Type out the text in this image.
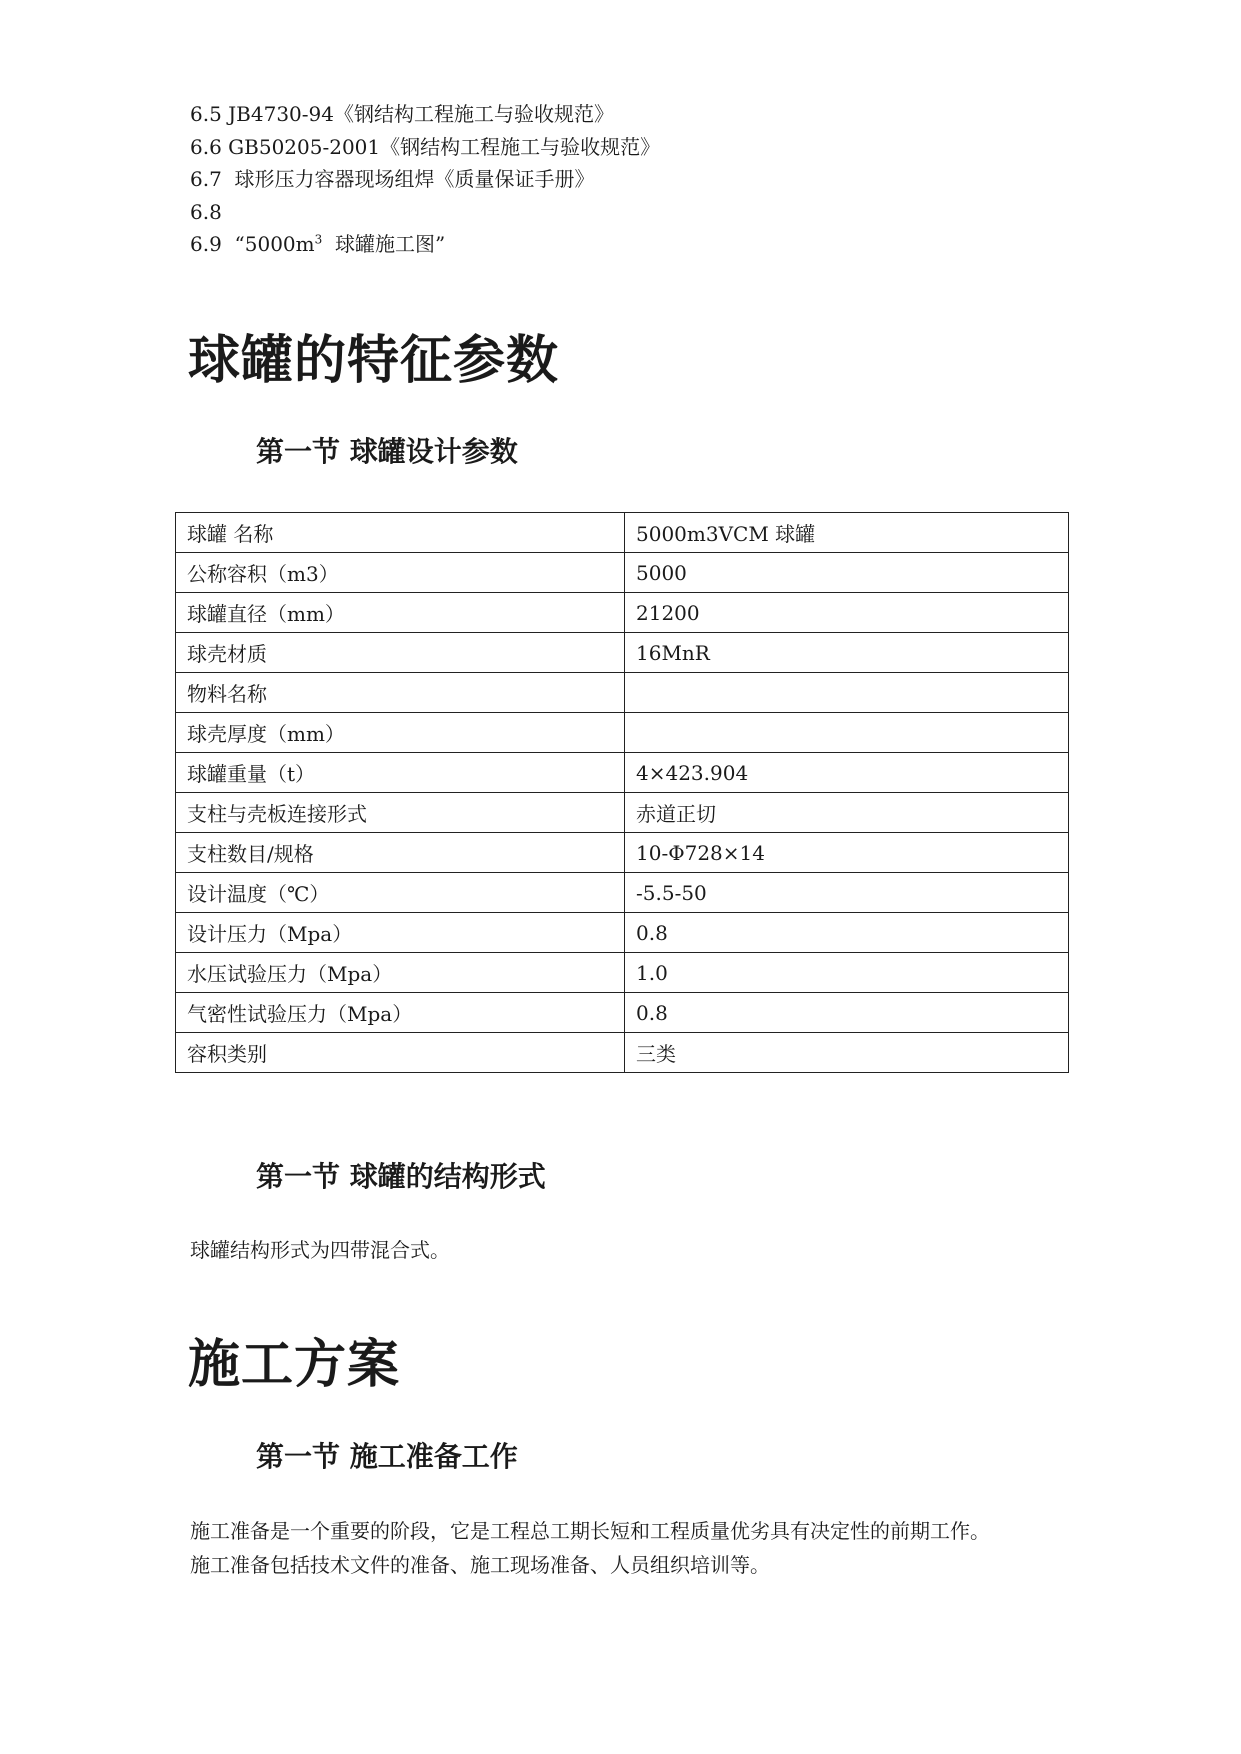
6.5 JB4730-94《钢结构工程施工与验收规范》
6.6 GB50205-2001《钢结构工程施工与验收规范》
6.7  球形压力容器现场组焊《质量保证手册》
6.8
6.9  “$5000m^3$  球罐施工图”
球罐的特征参数
第一节 球罐设计参数
球罐 名称	5000m3VCM 球罐
公称容积（m3）	5000
球罐直径（mm）	21200
球壳材质	16MnR
物料名称	
球壳厚度（mm）	
球罐重量（t）	4×423.904
支柱与壳板连接形式	赤道正切
支柱数目/规格	10-Φ728×14
设计温度（℃）	-5.5-50
设计压力（Mpa）	0.8
水压试验压力（Mpa）	1.0
气密性试验压力（Mpa）	0.8
容积类别	三类
第一节 球罐的结构形式
球罐结构形式为四带混合式。
施工方案
第一节 施工准备工作
施工准备是一个重要的阶段，它是工程总工期长短和工程质量优劣具有决定性的前期工作。
施工准备包括技术文件的准备、施工现场准备、人员组织培训等。
